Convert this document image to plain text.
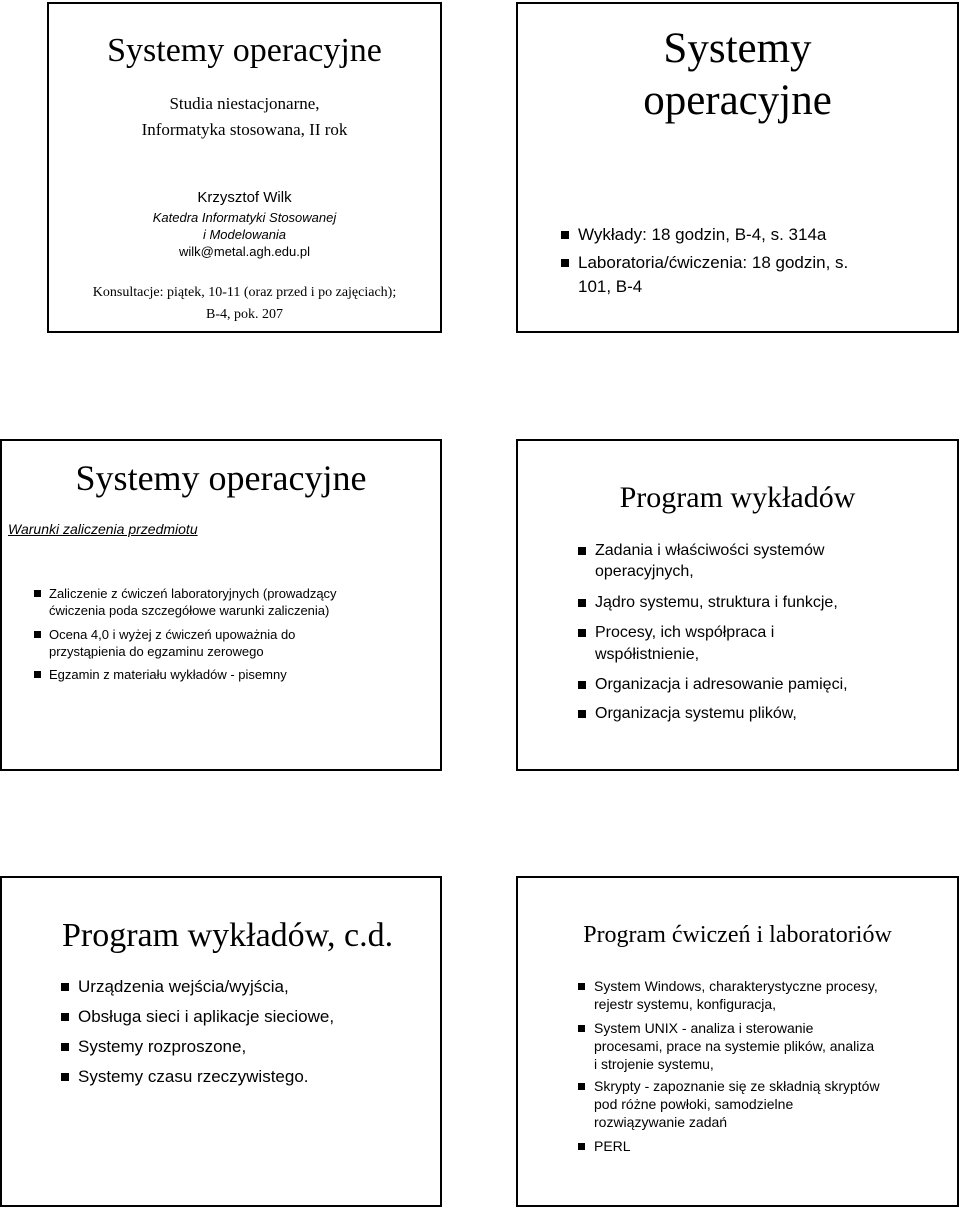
Systemy operacyjne
Studia niestacjonarne,
Informatyka stosowana, II rok
Krzysztof Wilk
Katedra Informatyki Stosowanej
i Modelowania
wilk@metal.agh.edu.pl
Konsultacje: piątek, 10-11 (oraz przed i po zajęciach);
B-4, pok. 207
Systemy
operacyjne
Wykłady: 18 godzin, B-4, s. 314a
Laboratoria/ćwiczenia: 18 godzin, s.
101, B-4
Systemy operacyjne
Warunki zaliczenia przedmiotu
Zaliczenie z ćwiczeń laboratoryjnych (prowadzący
ćwiczenia poda szczegółowe warunki zaliczenia)
Ocena 4,0 i wyżej z ćwiczeń upoważnia do
przystąpienia do egzaminu zerowego
Egzamin z materiału wykładów - pisemny
Program wykładów
Zadania i właściwości systemów
operacyjnych,
Jądro systemu, struktura i funkcje,
Procesy, ich współpraca i
współistnienie,
Organizacja i adresowanie pamięci,
Organizacja systemu plików,
Program wykładów, c.d.
Urządzenia wejścia/wyjścia,
Obsługa sieci i aplikacje sieciowe,
Systemy rozproszone,
Systemy czasu rzeczywistego.
Program ćwiczeń i laboratoriów
System Windows, charakterystyczne procesy,
rejestr systemu, konfiguracja,
System UNIX - analiza i sterowanie
procesami, prace na systemie plików, analiza
i strojenie systemu,
Skrypty - zapoznanie się ze składnią skryptów
pod różne powłoki, samodzielne
rozwiązywanie zadań
PERL
